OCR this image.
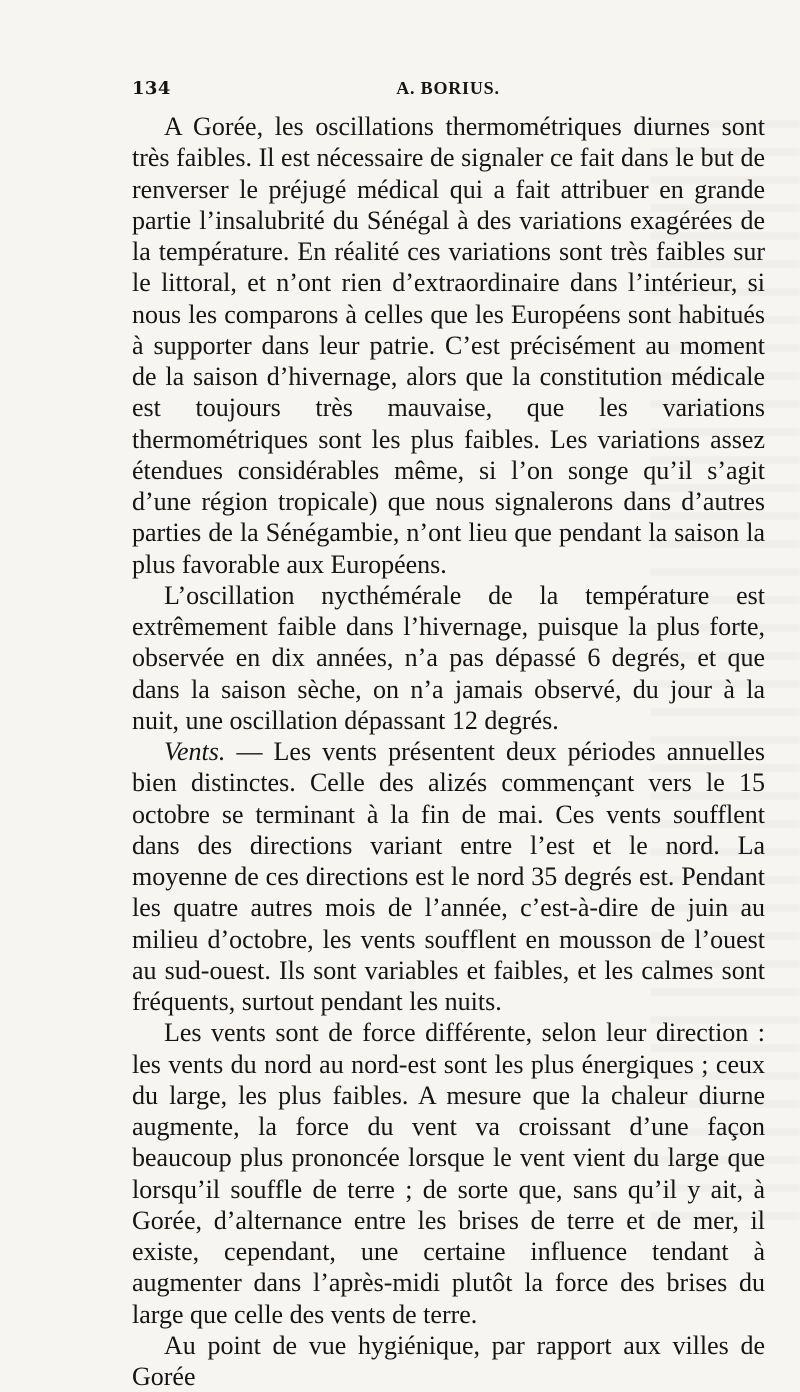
134	A. BORIUS.

A Gorée, les oscillations thermométriques diurnes sont très faibles. Il est nécessaire de signaler ce fait dans le but de renverser le préjugé médical qui a fait attribuer en grande partie l’insalubrité du Sénégal à des variations exagérées de la température. En réalité ces variations sont très faibles sur le littoral, et n’ont rien d’extraordinaire dans l’intérieur, si nous les comparons à celles que les Européens sont habitués à supporter dans leur patrie. C’est précisément au moment de la saison d’hivernage, alors que la constitution médicale est toujours très mauvaise, que les variations thermométriques sont les plus faibles. Les variations assez étendues considérables même, si l’on songe qu’il s’agit d’une région tropicale) que nous signalerons dans d’autres parties de la Sénégambie, n’ont lieu que pendant la saison la plus favorable aux Européens.

L’oscillation nycthémérale de la température est extrêmement faible dans l’hivernage, puisque la plus forte, observée en dix années, n’a pas dépassé 6 degrés, et que dans la saison sèche, on n’a jamais observé, du jour à la nuit, une oscillation dépassant 12 degrés.

Vents. — Les vents présentent deux périodes annuelles bien distinctes. Celle des alizés commençant vers le 15 octobre se terminant à la fin de mai. Ces vents soufflent dans des directions variant entre l’est et le nord. La moyenne de ces directions est le nord 35 degrés est. Pendant les quatre autres mois de l’année, c’est-à-dire de juin au milieu d’octobre, les vents soufflent en mousson de l’ouest au sud-ouest. Ils sont variables et faibles, et les calmes sont fréquents, surtout pendant les nuits.

Les vents sont de force différente, selon leur direction : les vents du nord au nord-est sont les plus énergiques ; ceux du large, les plus faibles. A mesure que la chaleur diurne augmente, la force du vent va croissant d’une façon beaucoup plus prononcée lorsque le vent vient du large que lorsqu’il souffle de terre ; de sorte que, sans qu’il y ait, à Gorée, d’alternance entre les brises de terre et de mer, il existe, cependant, une certaine influence tendant à augmenter dans l’après-midi plutôt la force des brises du large que celle des vents de terre.

Au point de vue hygiénique, par rapport aux villes de Gorée
